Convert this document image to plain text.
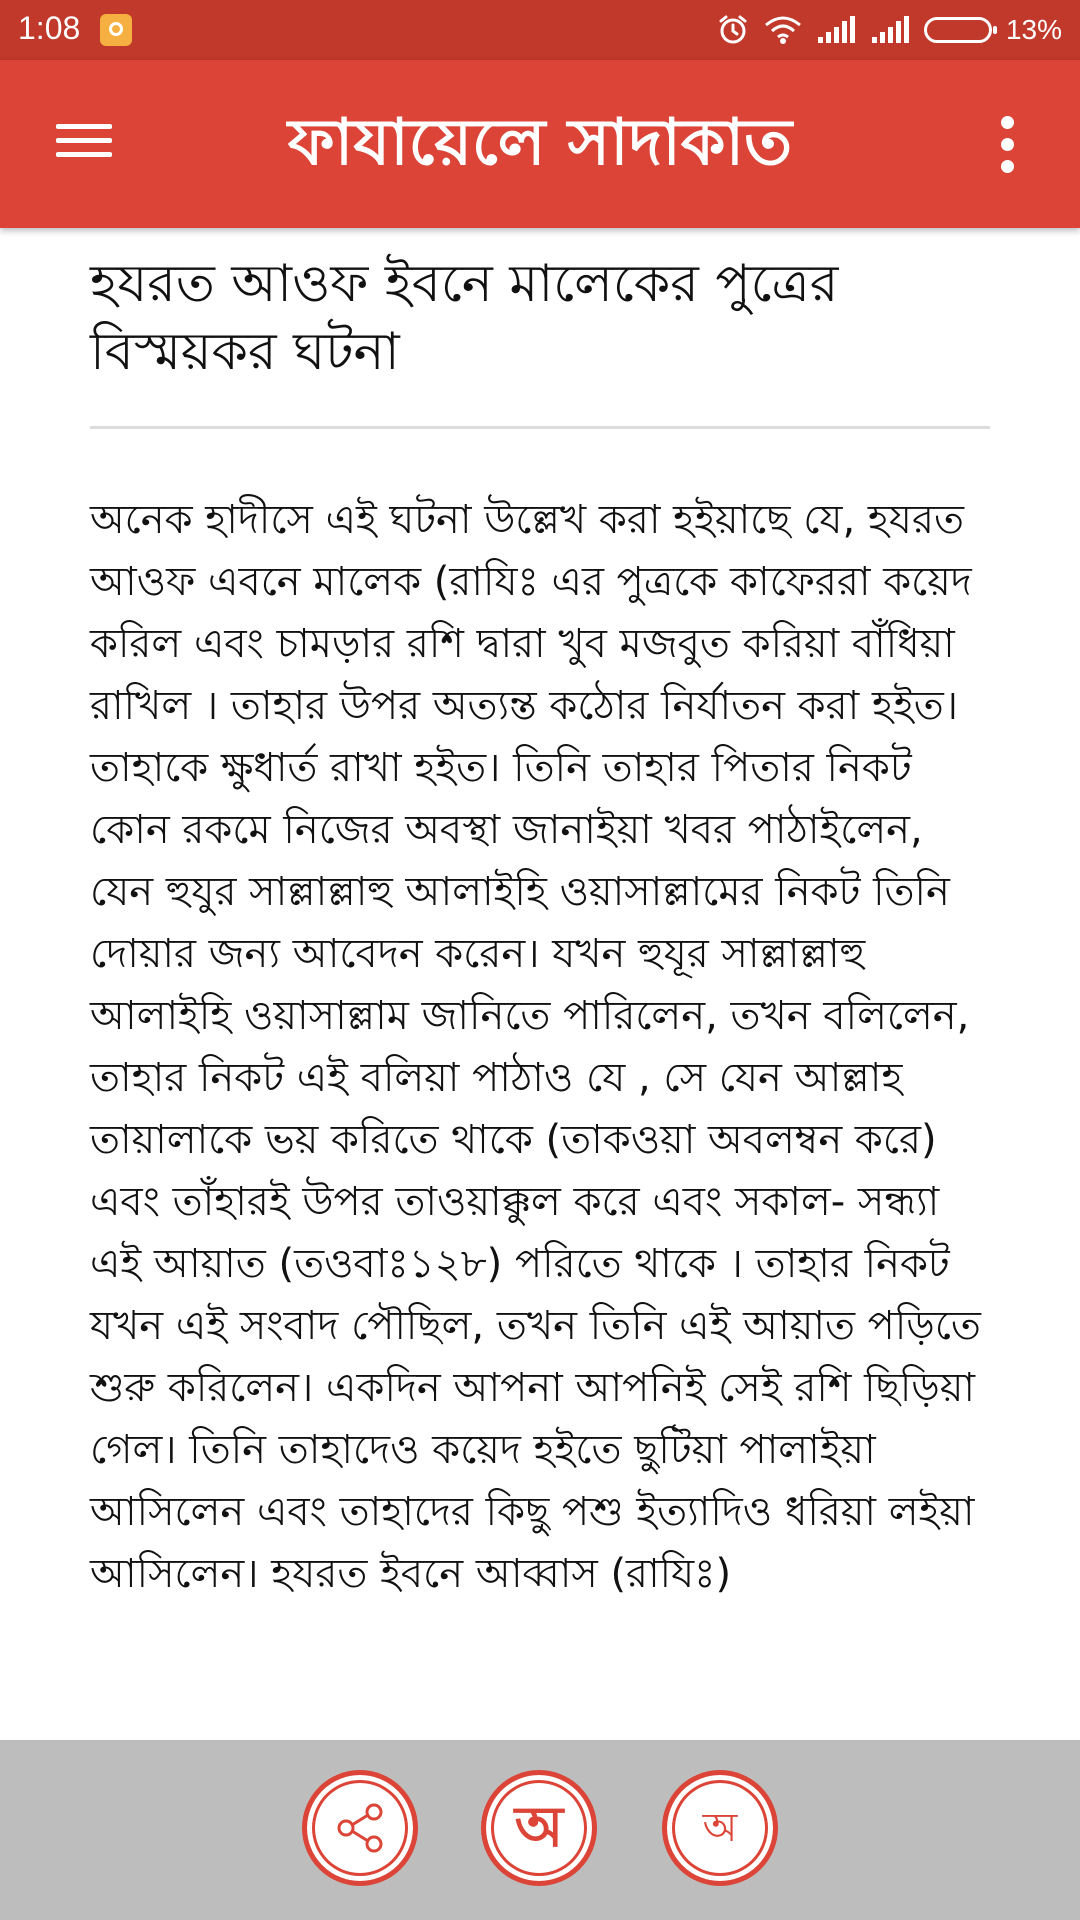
1:08	13%
ফাযায়েলে সাদাকাত
হযরত আওফ ইবনে মালেকের পুত্রের বিস্ময়কর ঘটনা
অনেক হাদীসে এই ঘটনা উল্লেখ করা হইয়াছে যে, হযরত আওফ এবনে মালেক (রাযিঃ এর পুত্রকে কাফেররা কয়েদ করিল এবং চামড়ার রশি দ্বারা খুব মজবুত করিয়া বাঁধিয়া রাখিল । তাহার উপর অত্যন্ত কঠোর নির্যাতন করা হইত। তাহাকে ক্ষুধার্ত রাখা হইত। তিনি তাহার পিতার নিকট কোন রকমে নিজের অবস্থা জানাইয়া খবর পাঠাইলেন, যেন হুযুর সাল্লাল্লাহু আলাইহি ওয়াসাল্লামের নিকট তিনি দোয়ার জন্য আবেদন করেন। যখন হুযূর সাল্লাল্লাহু আলাইহি ওয়াসাল্লাম জানিতে পারিলেন, তখন বলিলেন, তাহার নিকট এই বলিয়া পাঠাও যে , সে যেন আল্লাহ তায়ালাকে ভয় করিতে থাকে (তাকওয়া অবলম্বন করে) এবং তাঁহারই উপর তাওয়াক্কুল করে এবং সকাল- সন্ধ্যা এই আয়াত (তওবাঃ১২৮) পরিতে থাকে । তাহার নিকট যখন এই সংবাদ পৌছিল, তখন তিনি এই আয়াত পড়িতে শুরু করিলেন। একদিন আপনা আপনিই সেই রশি ছিড়িয়া গেল। তিনি তাহাদেও কয়েদ হইতে ছুটিয়া পালাইয়া আসিলেন এবং তাহাদের কিছু পশু ইত্যাদিও ধরিয়া লইয়া আসিলেন। হযরত ইবনে আব্বাস (রাযিঃ)
অ	অ
